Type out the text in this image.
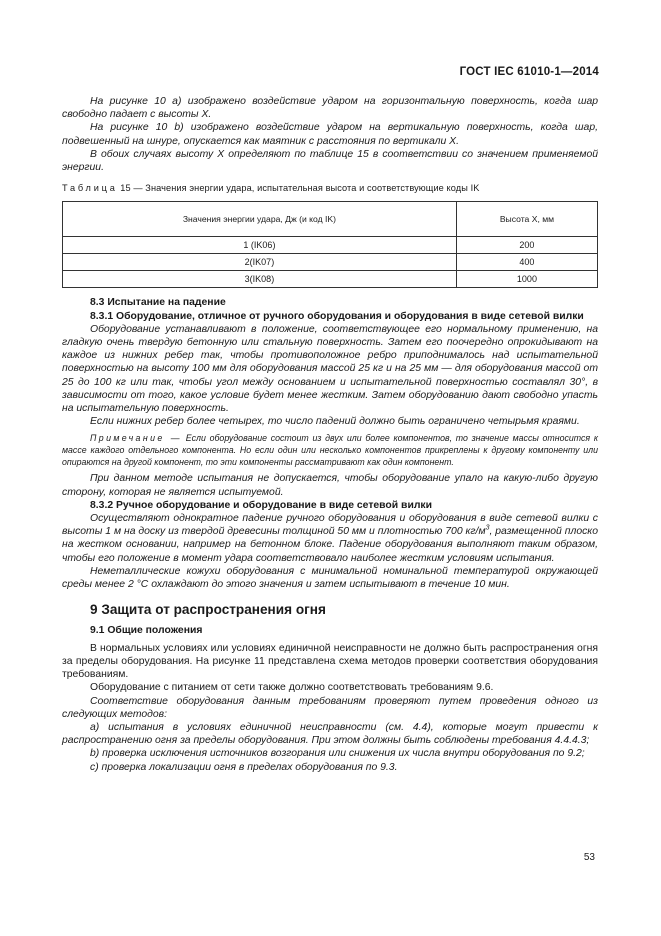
ГОСТ IEC 61010-1—2014

На рисунке 10 a) изображено воздействие ударом на горизонтальную поверхность, когда шар свободно падает с высоты X.

На рисунке 10 b) изображено воздействие ударом на вертикальную поверхность, когда шар, подвешенный на шнуре, опускается как маятник с расстояния по вертикали X.

В обоих случаях высоту X определяют по таблице 15 в соответствии со значением применяемой энергии.

Таблица 15 — Значения энергии удара, испытательная высота и соответствующие коды IK

Значения энергии удара, Дж (и код IK)	Высота X, мм
1 (IK06)	200
2(IK07)	400
3(IK08)	1000

8.3 Испытание на падение

8.3.1 Оборудование, отличное от ручного оборудования и оборудования в виде сетевой вилки

Оборудование устанавливают в положение, соответствующее его нормальному применению, на гладкую очень твердую бетонную или стальную поверхность. Затем его поочередно опрокидывают на каждое из нижних ребер так, чтобы противоположное ребро приподнималось над испытательной поверхностью на высоту 100 мм для оборудования массой 25 кг и на 25 мм — для оборудования массой от 25 до 100 кг или так, чтобы угол между основанием и испытательной поверхностью составлял 30°, в зависимости от того, какое условие будет менее жестким. Затем оборудованию дают свободно упасть на испытательную поверхность.

Если нижних ребер более четырех, то число падений должно быть ограничено четырьмя краями.

Примечание — Если оборудование состоит из двух или более компонентов, то значение массы относится к массе каждого отдельного компонента. Но если один или несколько компонентов прикреплены к другому компоненту или опираются на другой компонент, то эти компоненты рассматривают как один компонент.

При данном методе испытания не допускается, чтобы оборудование упало на какую-либо другую сторону, которая не является испытуемой.

8.3.2 Ручное оборудование и оборудование в виде сетевой вилки

Осуществляют однократное падение ручного оборудования и оборудования в виде сетевой вилки с высоты 1 м на доску из твердой древесины толщиной 50 мм и плотностью 700 $кг/м^3$, размещенной плоско на жестком основании, например на бетонном блоке. Падение оборудования выполняют таким образом, чтобы его положение в момент удара соответствовало наиболее жестким условиям испытания.

Неметаллические кожухи оборудования с минимальной номинальной температурой окружающей среды менее 2 °С охлаждают до этого значения и затем испытывают в течение 10 мин.

9 Защита от распространения огня

9.1 Общие положения

В нормальных условиях или условиях единичной неисправности не должно быть распространения огня за пределы оборудования. На рисунке 11 представлена схема методов проверки соответствия оборудования требованиям.

Оборудование с питанием от сети также должно соответствовать требованиям 9.6.

Соответствие оборудования данным требованиям проверяют путем проведения одного из следующих методов:

a) испытания в условиях единичной неисправности (см. 4.4), которые могут привести к распространению огня за пределы оборудования. При этом должны быть соблюдены требования 4.4.4.3;

b) проверка исключения источников возгорания или снижения их числа внутри оборудования по 9.2;

c) проверка локализации огня в пределах оборудования по 9.3.

53
